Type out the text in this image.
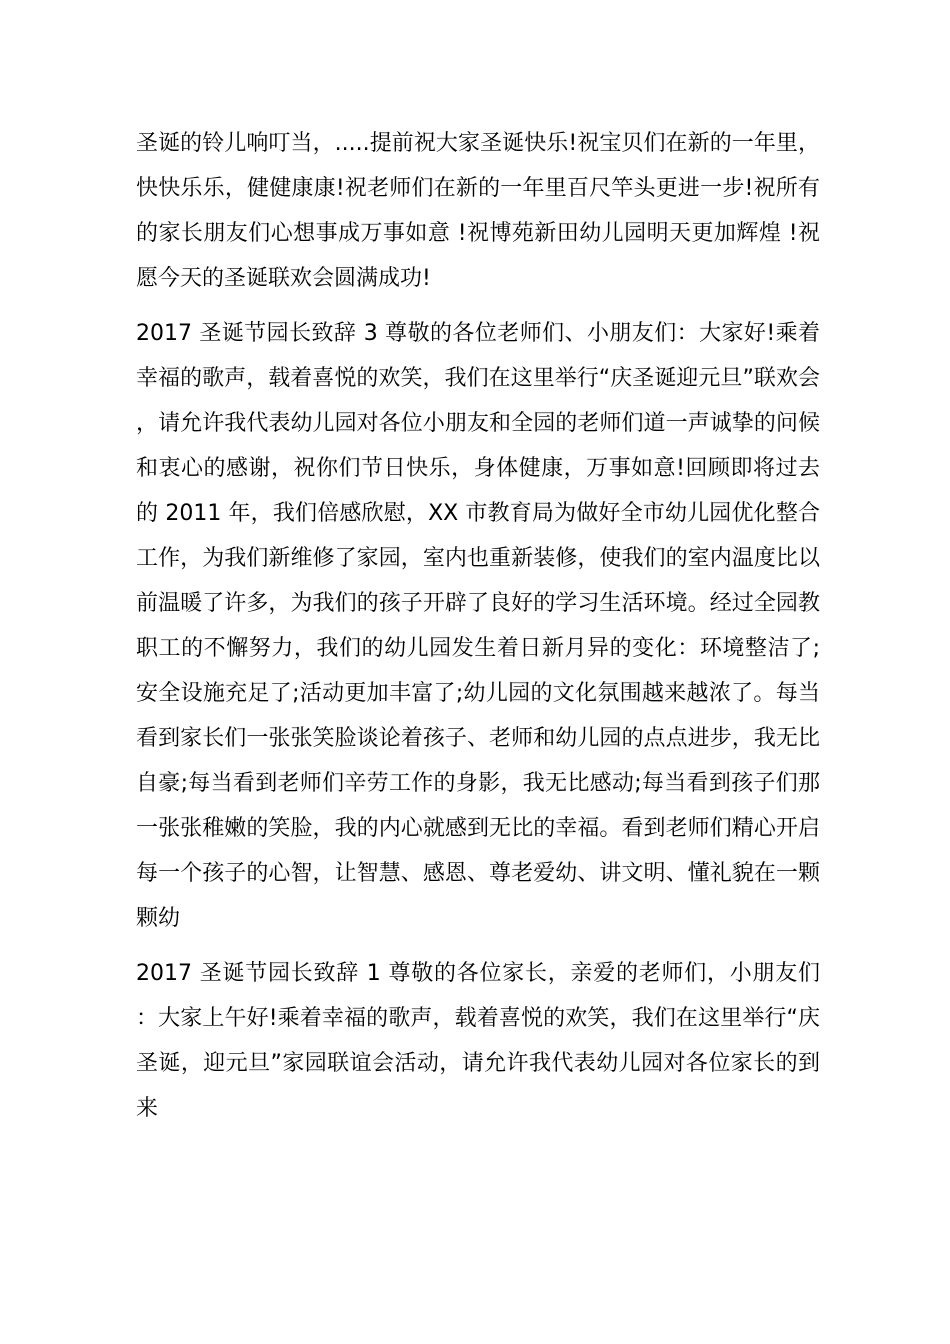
圣诞的铃儿响叮当，.....提前祝大家圣诞快乐!祝宝贝们在新的一年里，快快乐乐，健健康康!祝老师们在新的一年里百尺竿头更进一步!祝所有的家长朋友们心想事成万事如意 !祝博苑新田幼儿园明天更加辉煌 !祝愿今天的圣诞联欢会圆满成功!

2017 圣诞节园长致辞 3 尊敬的各位老师们、小朋友们：大家好!乘着幸福的歌声，载着喜悦的欢笑，我们在这里举行“庆圣诞迎元旦”联欢会，请允许我代表幼儿园对各位小朋友和全园的老师们道一声诚挚的问候和衷心的感谢，祝你们节日快乐，身体健康，万事如意!回顾即将过去的 2011 年，我们倍感欣慰，XX 市教育局为做好全市幼儿园优化整合工作，为我们新维修了家园，室内也重新装修，使我们的室内温度比以前温暖了许多，为我们的孩子开辟了良好的学习生活环境。经过全园教职工的不懈努力，我们的幼儿园发生着日新月异的变化：环境整洁了;安全设施充足了;活动更加丰富了;幼儿园的文化氛围越来越浓了。每当看到家长们一张张笑脸谈论着孩子、老师和幼儿园的点点进步，我无比自豪;每当看到老师们辛劳工作的身影，我无比感动;每当看到孩子们那一张张稚嫩的笑脸，我的内心就感到无比的幸福。看到老师们精心开启每一个孩子的心智，让智慧、感恩、尊老爱幼、讲文明、懂礼貌在一颗颗幼

2017 圣诞节园长致辞 1 尊敬的各位家长，亲爱的老师们，小朋友们：大家上午好!乘着幸福的歌声，载着喜悦的欢笑，我们在这里举行“庆圣诞，迎元旦”家园联谊会活动，请允许我代表幼儿园对各位家长的到来
